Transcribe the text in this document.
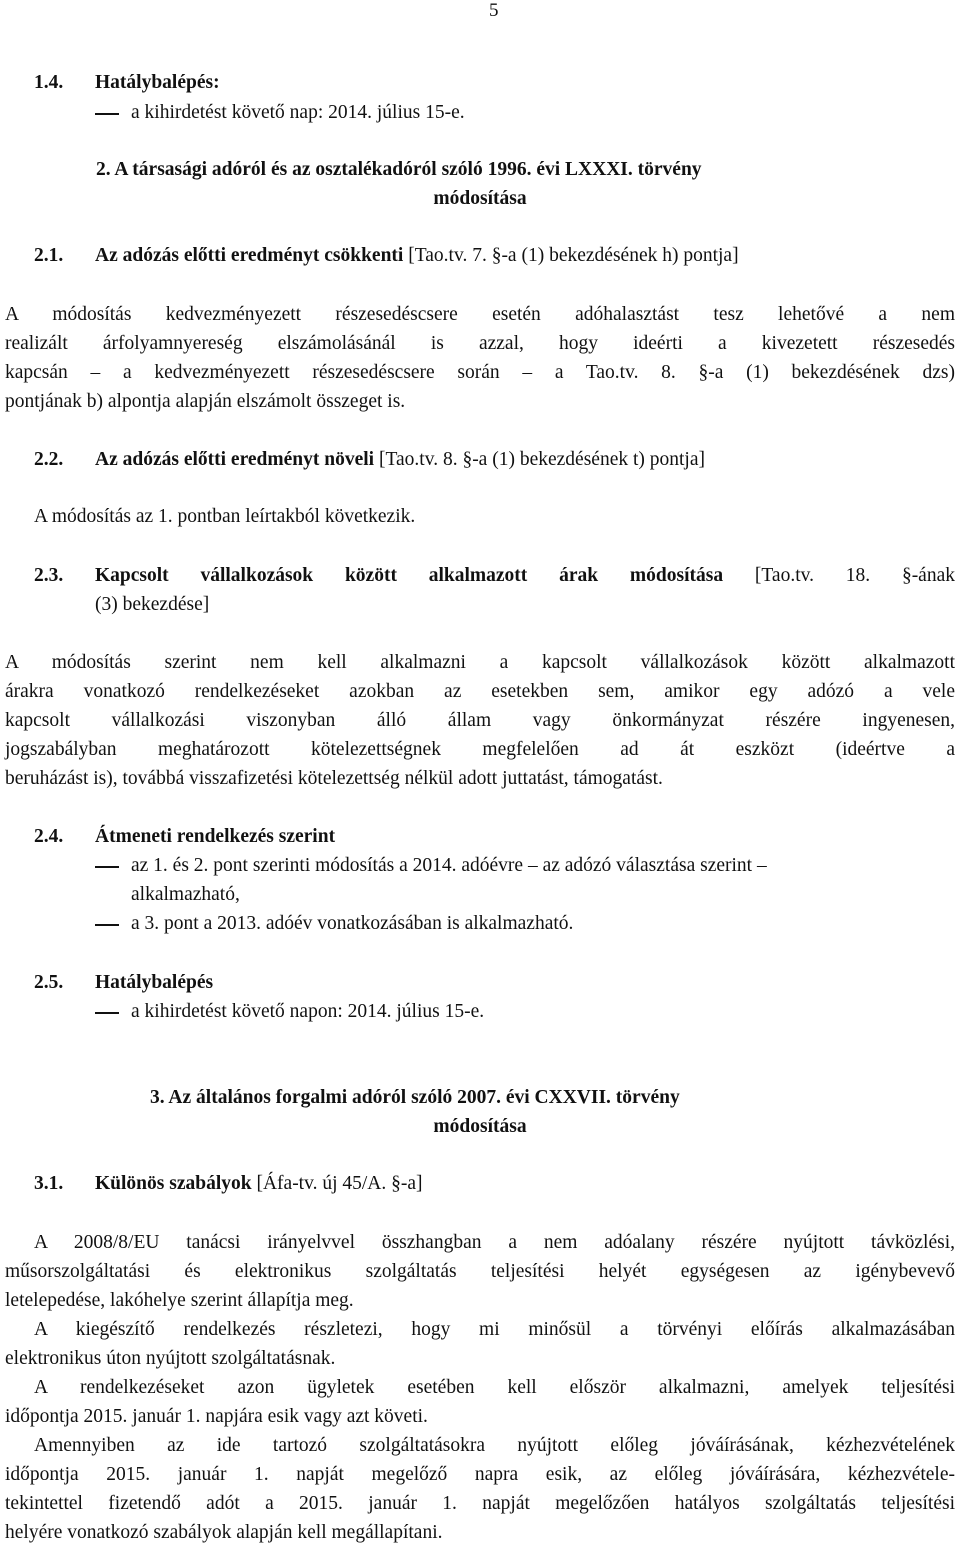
5
1.4. Hatálybalépés:
a kihirdetést követő nap: 2014. július 15-e.
2. A társasági adóról és az osztalékadóról szóló 1996. évi LXXXI. törvény
módosítása
2.1. Az adózás előtti eredményt csökkenti [Tao.tv. 7. §-a (1) bekezdésének h) pontja]
A módosítás kedvezményezett részesedéscsere esetén adóhalasztást tesz lehetővé a nem
realizált árfolyamnyereség elszámolásánál is azzal, hogy ideérti a kivezetett részesedés
kapcsán – a kedvezményezett részesedéscsere során – a Tao.tv. 8. §-a (1) bekezdésének dzs)
pontjának b) alpontja alapján elszámolt összeget is.
2.2. Az adózás előtti eredményt növeli [Tao.tv. 8. §-a (1) bekezdésének t) pontja]
A módosítás az 1. pontban leírtakból következik.
2.3. Kapcsolt vállalkozások között alkalmazott árak módosítása [Tao.tv. 18. §-ának
(3) bekezdése]
A módosítás szerint nem kell alkalmazni a kapcsolt vállalkozások között alkalmazott
árakra vonatkozó rendelkezéseket azokban az esetekben sem, amikor egy adózó a vele
kapcsolt vállalkozási viszonyban álló állam vagy önkormányzat részére ingyenesen,
jogszabályban meghatározott kötelezettségnek megfelelően ad át eszközt (ideértve a
beruházást is), továbbá visszafizetési kötelezettség nélkül adott juttatást, támogatást.
2.4. Átmeneti rendelkezés szerint
az 1. és 2. pont szerinti módosítás a 2014. adóévre – az adózó választása szerint –
alkalmazható,
a 3. pont a 2013. adóév vonatkozásában is alkalmazható.
2.5. Hatálybalépés
a kihirdetést követő napon: 2014. július 15-e.
3. Az általános forgalmi adóról szóló 2007. évi CXXVII. törvény
módosítása
3.1. Különös szabályok [Áfa-tv. új 45/A. §-a]
A 2008/8/EU tanácsi irányelvvel összhangban a nem adóalany részére nyújtott távközlési,
műsorszolgáltatási és elektronikus szolgáltatás teljesítési helyét egységesen az igénybevevő
letelepedése, lakóhelye szerint állapítja meg.
A kiegészítő rendelkezés részletezi, hogy mi minősül a törvényi előírás alkalmazásában
elektronikus úton nyújtott szolgáltatásnak.
A rendelkezéseket azon ügyletek esetében kell először alkalmazni, amelyek teljesítési
időpontja 2015. január 1. napjára esik vagy azt követi.
Amennyiben az ide tartozó szolgáltatásokra nyújtott előleg jóváírásának, kézhezvételének
időpontja 2015. január 1. napját megelőző napra esik, az előleg jóváírására, kézhezvétele-
tekintettel fizetendő adót a 2015. január 1. napját megelőzően hatályos szolgáltatás teljesítési
helyére vonatkozó szabályok alapján kell megállapítani.
